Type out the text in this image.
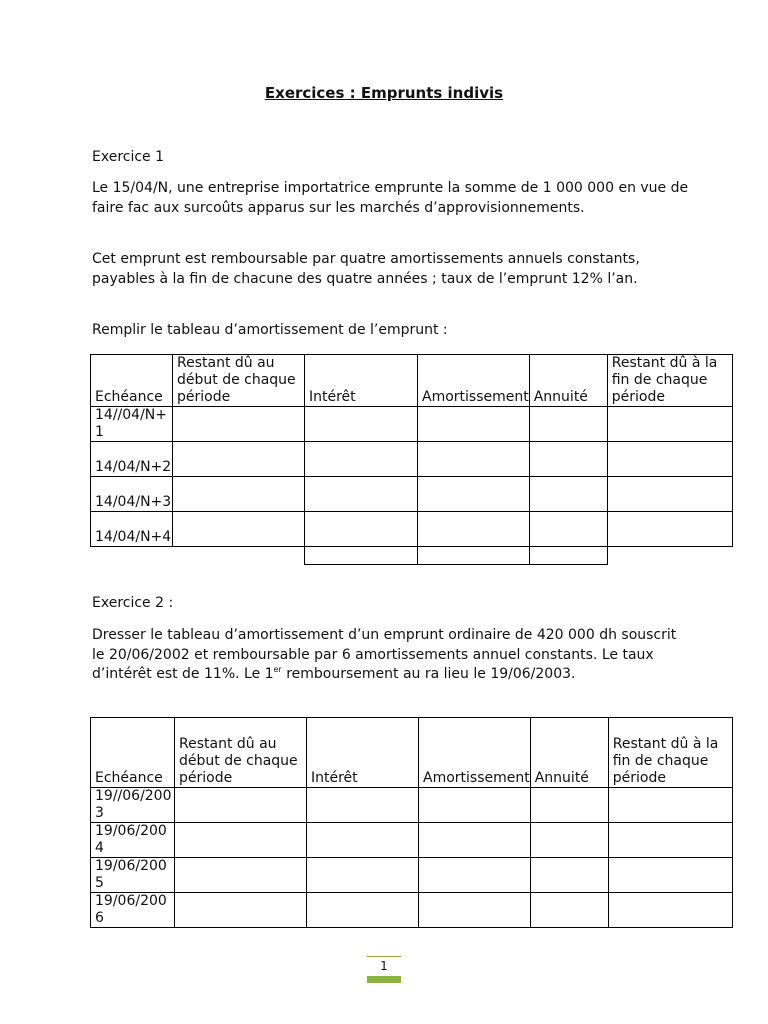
Exercices : Emprunts indivis

Exercice 1

Le 15/04/N, une entreprise importatrice emprunte la somme de 1 000 000 en vue de faire fac aux surcoûts apparus sur les marchés d’approvisionnements.

Cet emprunt est remboursable par quatre amortissements annuels constants, payables à la fin de chacune des quatre années ; taux de l’emprunt 12% l’an.

Remplir le tableau d’amortissement de l’emprunt :

Echéance	Restant dû au début de chaque période	Intérêt	Amortissement	Annuité	Restant dû à la fin de chaque période
14//04/N+1					
14/04/N+2					
14/04/N+3					
14/04/N+4					

Exercice 2 :

Dresser le tableau d’amortissement d’un emprunt ordinaire de 420 000 dh souscrit le 20/06/2002 et remboursable par 6 amortissements annuel constants. Le taux d’intérêt est de 11%. Le 1er remboursement au ra lieu le 19/06/2003.

Echéance	Restant dû au début de chaque période	Intérêt	Amortissement	Annuité	Restant dû à la fin de chaque période
19//06/2003					
19/06/2004					
19/06/2005					
19/06/2006					
1
